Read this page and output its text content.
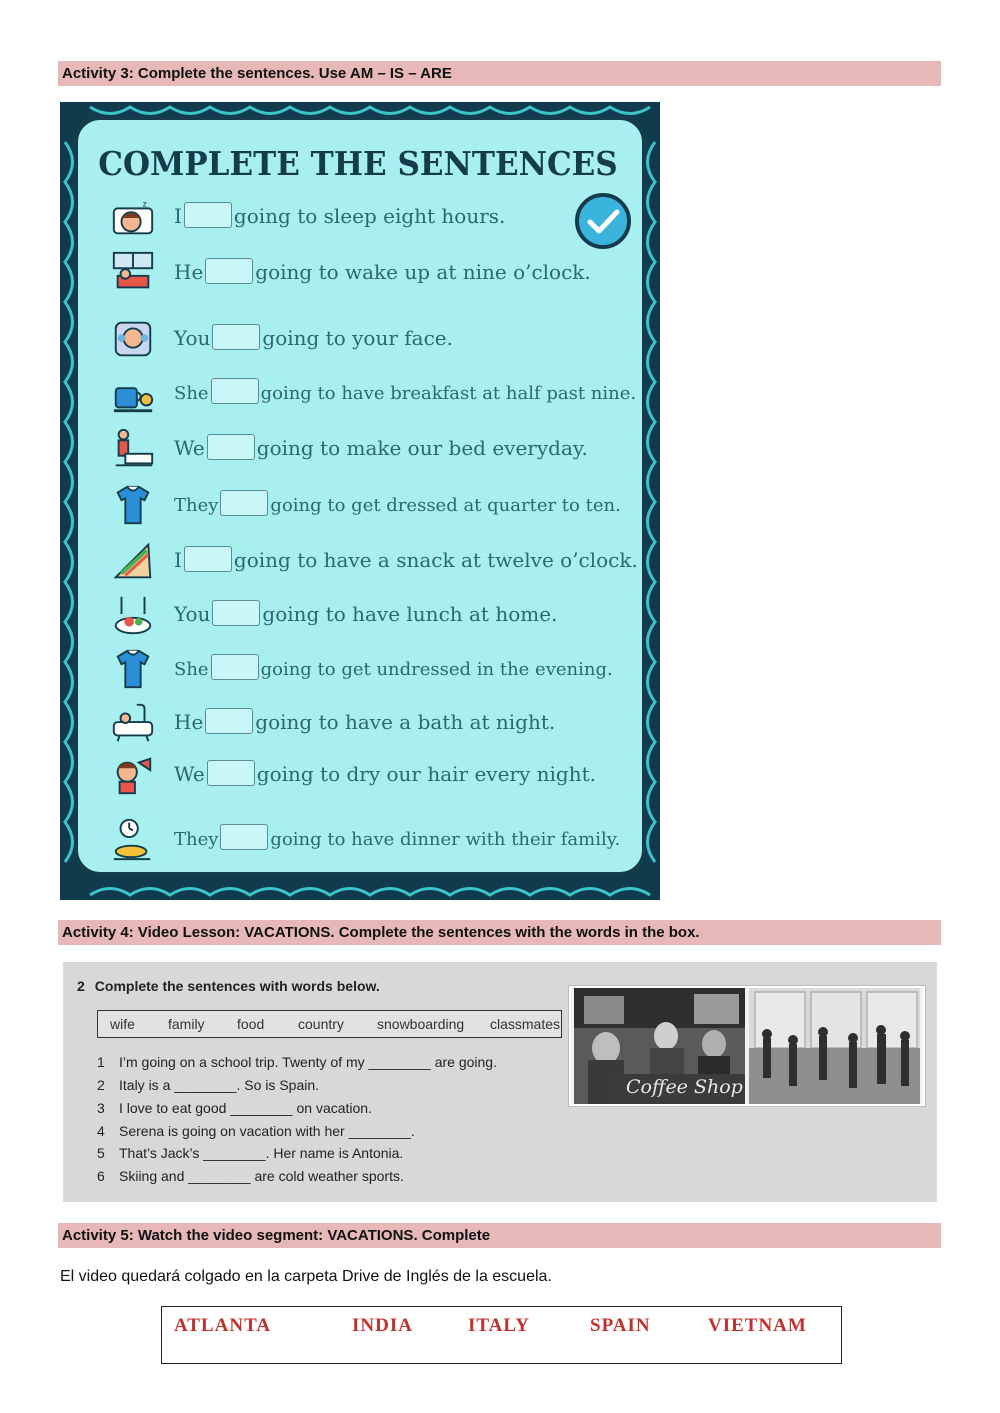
Activity 3: Complete the sentences. Use AM – IS – ARE
COMPLETE THE SENTENCES
z
I	going to sleep eight hours.
He	going to wake up at nine o’clock.
You	going to your face.
She	going to have breakfast at half past nine.
We	going to make our bed everyday.
They	going to get dressed at quarter to ten.
I	going to have a snack at twelve o’clock.
You	going to have lunch at home.
She	going to get undressed in the evening.
He	going to have a bath at night.
We	going to dry our hair every night.
They	going to have dinner with their family.
Activity 4: Video Lesson: VACATIONS. Complete the sentences with the words in the box.
2 Complete the sentences with words below.
wife family food country snowboarding classmates
1 I’m going on a school trip. Twenty of my ________ are going.
2 Italy is a ________. So is Spain.
3 I love to eat good ________ on vacation.
4 Serena is going on vacation with her ________.
5 That’s Jack’s ________. Her name is Antonia.
6 Skiing and ________ are cold weather sports.
Coffee Shop
Activity 5: Watch the video segment: VACATIONS. Complete
El video quedará colgado en la carpeta Drive de Inglés de la escuela.
ATLANTA	INDIA	ITALY	SPAIN	VIETNAM
